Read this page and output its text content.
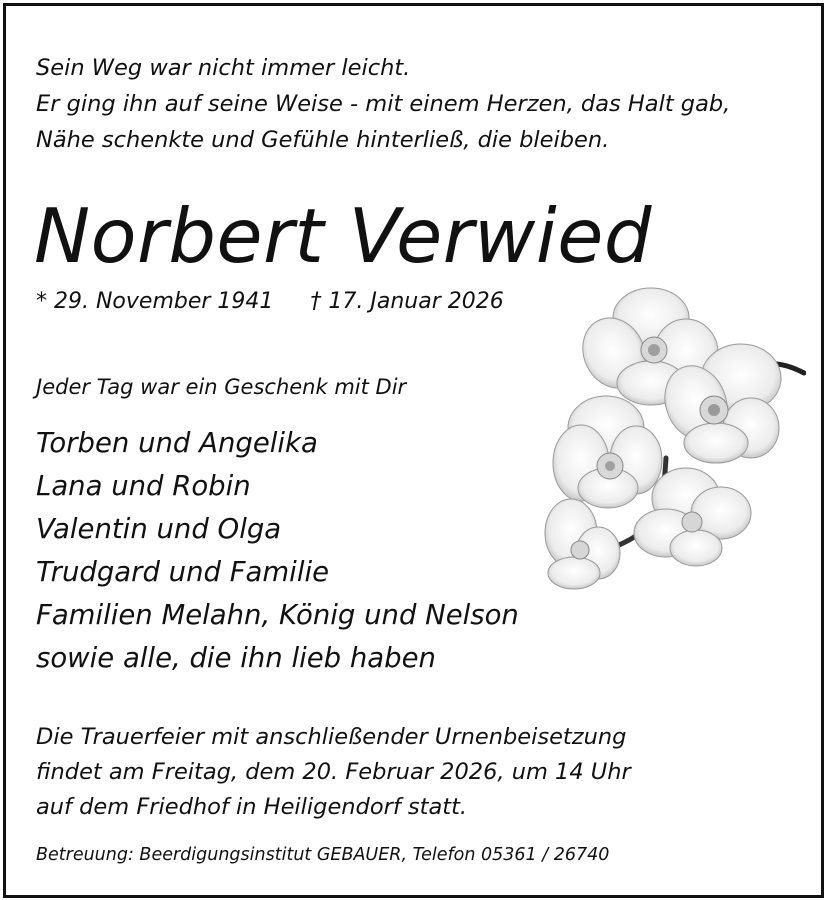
Sein Weg war nicht immer leicht.
Er ging ihn auf seine Weise - mit einem Herzen, das Halt gab,
Nähe schenkte und Gefühle hinterließ, die bleiben.
Norbert Verwied
* 29. November 1941 † 17. Januar 2026
Jeder Tag war ein Geschenk mit Dir
Torben und Angelika
Lana und Robin
Valentin und Olga
Trudgard und Familie
Familien Melahn, König und Nelson
sowie alle, die ihn lieb haben
Die Trauerfeier mit anschließender Urnenbeisetzung
findet am Freitag, dem 20. Februar 2026, um 14 Uhr
auf dem Friedhof in Heiligendorf statt.
Betreuung: Beerdigungsinstitut GEBAUER, Telefon 05361 / 26740
